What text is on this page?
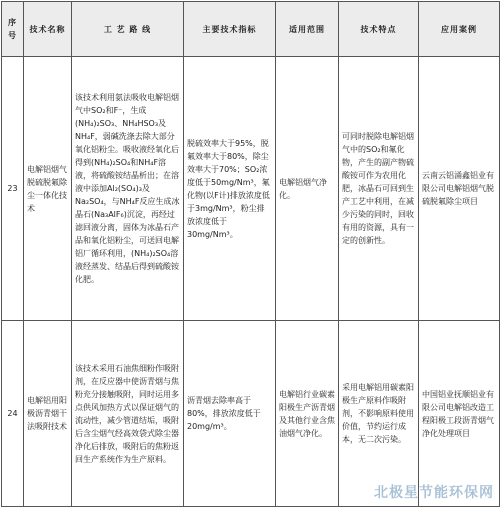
序号	技术名称	工 艺 路 线	主要技术指标	适用范围	技术特点	应用案例
23	电解铝烟气脱硫脱氟除尘一体化技术	该技术利用氨法吸收电解铝烟气中SO₂和F⁻，生成(NH₄)₂SO₃、NH₄HSO₃及NH₄F，弱碱洗涤去除大部分氧化铝粉尘。吸收液经氧化后得到(NH₄)₂SO₄和NH₄F溶液，将硫酸铵结晶析出；在溶液中添加Al₂(SO₄)₃及Na₂SO₄，与NH₄F反应生成冰晶石(Na₃AlF₆)沉淀，再经过滤回液分离，固体为冰晶石产品和氧化铝粉尘，可送回电解铝厂循环利用，(NH₄)₂SO₄溶液经蒸发、结晶后得到硫酸铵化肥。	脱硫效率大于95%，脱氟效率大于80%，除尘效率大于70%；SO₂浓度低于50mg/Nm³，氟化物(以F计)排放浓度低于3mg/Nm³，粉尘排放浓度低于30mg/Nm³。	电解铝烟气净化。	可同时脱除电解铝烟气中的SO₂和氟化物，产生的副产物硫酸铵可作为农用化肥，冰晶石可回到生产工艺中利用，在减少污染的同时，回收有用的资源，具有一定的创新性。	云南云铝涌鑫铝业有限公司电解铝烟气脱硫脱氟除尘项目
24	电解铝用阳极沥青烟干法吸附技术	该技术采用石油焦细粉作吸附剂，在反应器中使沥青烟与焦粉充分接触吸附，同时运用多点供风加热方式以保证烟气的流动性，减少管道结垢，吸附后含尘烟气经高效袋式除尘器净化后排放，吸附后的焦粉返回生产系统作为生产原料。	沥青烟去除率高于80%，排放浓度低于20mg/m³。	电解铝行业碳素阳极生产沥青烟及其他行业含焦油烟气净化。	采用电解铝用碳素阳极生产原料作吸附剂，不影响原料使用价值，节约运行成本，无二次污染。	中国铝业抚顺铝业有限公司电解铝改造工程阳极工段沥青烟气净化处理项目
北极星节能环保网
